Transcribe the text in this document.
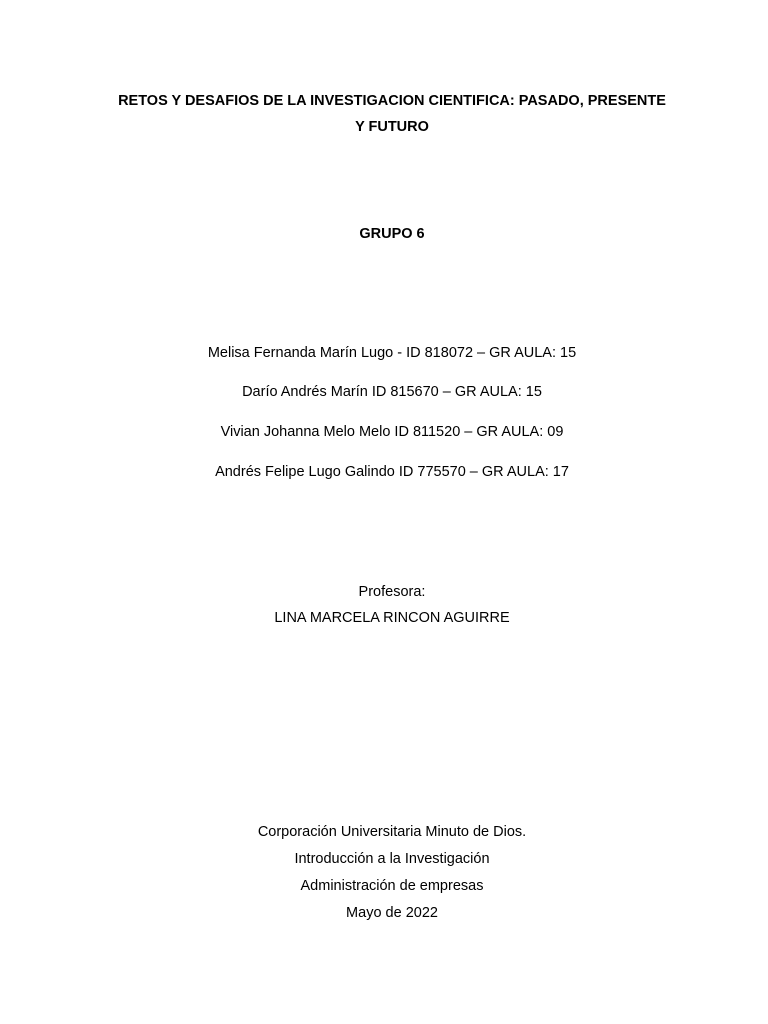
RETOS Y DESAFIOS DE LA INVESTIGACION CIENTIFICA: PASADO, PRESENTE
Y FUTURO
GRUPO 6
Melisa Fernanda Marín Lugo - ID 818072 – GR AULA: 15
Darío Andrés Marín ID 815670 – GR AULA: 15
Vivian Johanna Melo Melo ID 811520 – GR AULA: 09
Andrés Felipe Lugo Galindo ID 775570 – GR AULA: 17
Profesora:
LINA MARCELA RINCON AGUIRRE
Corporación Universitaria Minuto de Dios.
Introducción a la Investigación
Administración de empresas
Mayo de 2022
